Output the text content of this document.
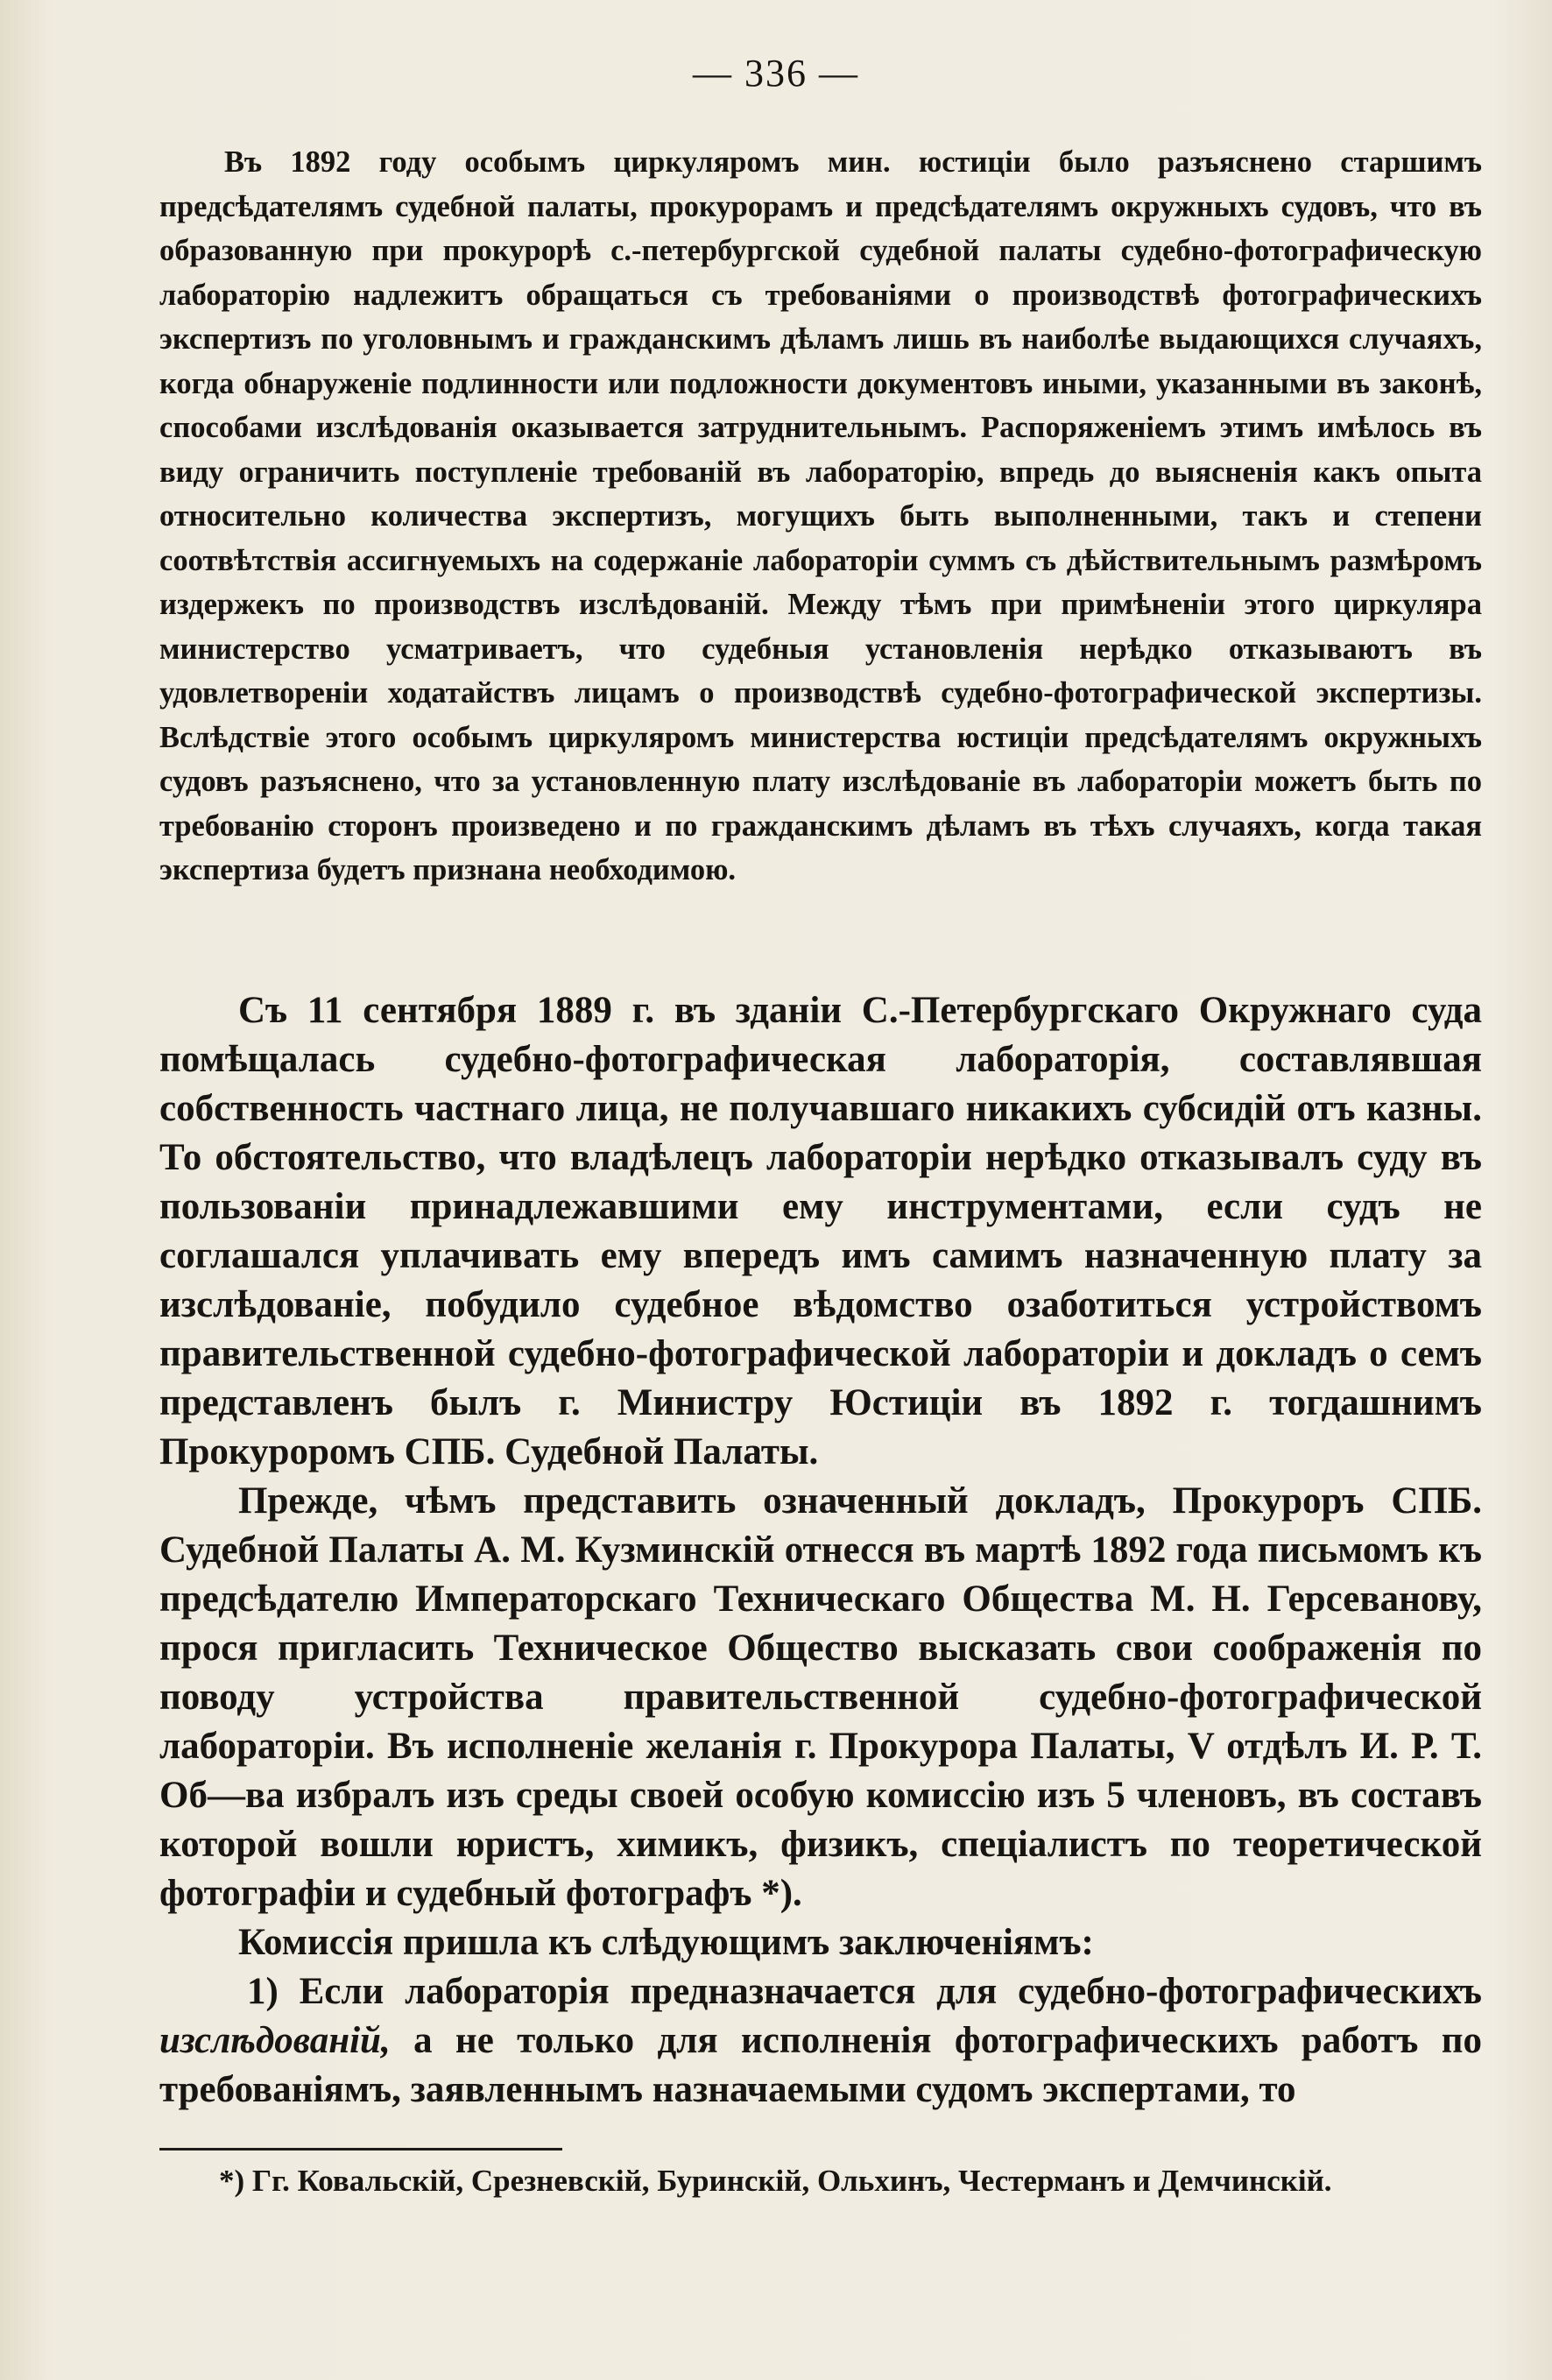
— 336 —

Въ 1892 году особымъ циркуляромъ мин. юстиціи было разъяснено старшимъ предсѣдателямъ судебной палаты, прокурорамъ и предсѣдателямъ окружныхъ судовъ, что въ образованную при прокурорѣ с.-петербургской судебной палаты судебно-фотографическую лабораторію надлежитъ обращаться съ требованіями о производствѣ фотографическихъ экспертизъ по уголовнымъ и гражданскимъ дѣламъ лишь въ наиболѣе выдающихся случаяхъ, когда обнаруженіе подлинности или подложности документовъ иными, указанными въ законѣ, способами изслѣдованія оказывается затруднительнымъ. Распоряженіемъ этимъ имѣлось въ виду ограничить поступленіе требованій въ лабораторію, впредь до выясненія какъ опыта относительно количества экспертизъ, могущихъ быть выполненными, такъ и степени соотвѣтствія ассигнуемыхъ на содержаніе лабораторіи суммъ съ дѣйствительнымъ размѣромъ издержекъ по производствъ изслѣдованій. Между тѣмъ при примѣненіи этого циркуляра министерство усматриваетъ, что судебныя установленія нерѣдко отказываютъ въ удовлетвореніи ходатайствъ лицамъ о производствѣ судебно-фотографической экспертизы. Вслѣдствіе этого особымъ циркуляромъ министерства юстиціи предсѣдателямъ окружныхъ судовъ разъяснено, что за установленную плату изслѣдованіе въ лабораторіи можетъ быть по требованію сторонъ произведено и по гражданскимъ дѣламъ въ тѣхъ случаяхъ, когда такая экспертиза будетъ признана необходимою.

Съ 11 сентября 1889 г. въ зданіи С.-Петербургскаго Окружнаго суда помѣщалась судебно-фотографическая лабораторія, составлявшая собственность частнаго лица, не получавшаго никакихъ субсидій отъ казны. То обстоятельство, что владѣлецъ лабораторіи нерѣдко отказывалъ суду въ пользованіи принадлежавшими ему инструментами, если судъ не соглашался уплачивать ему впередъ имъ самимъ назначенную плату за изслѣдованіе, побудило судебное вѣдомство озаботиться устройствомъ правительственной судебно-фотографической лабораторіи и докладъ о семъ представленъ былъ г. Министру Юстиціи въ 1892 г. тогдашнимъ Прокуроромъ СПБ. Судебной Палаты.

Прежде, чѣмъ представить означенный докладъ, Прокуроръ СПБ. Судебной Палаты А. М. Кузминскій отнесся въ мартѣ 1892 года письмомъ къ предсѣдателю Императорскаго Техническаго Общества М. Н. Герсеванову, прося пригласить Техническое Общество высказать свои соображенія по поводу устройства правительственной судебно-фотографической лабораторіи. Въ исполненіе желанія г. Прокурора Палаты, V отдѣлъ И. Р. Т. Об—ва избралъ изъ среды своей особую комиссію изъ 5 членовъ, въ составъ которой вошли юристъ, химикъ, физикъ, спеціалистъ по теоретической фотографіи и судебный фотографъ *).

Комиссія пришла къ слѣдующимъ заключеніямъ:

1) Если лабораторія предназначается для судебно-фотографическихъ изслѣдованій, а не только для исполненія фотографическихъ работъ по требованіямъ, заявленнымъ назначаемыми судомъ экспертами, то

*) Гг. Ковальскій, Срезневскій, Буринскій, Ольхинъ, Честерманъ и Демчинскій.
